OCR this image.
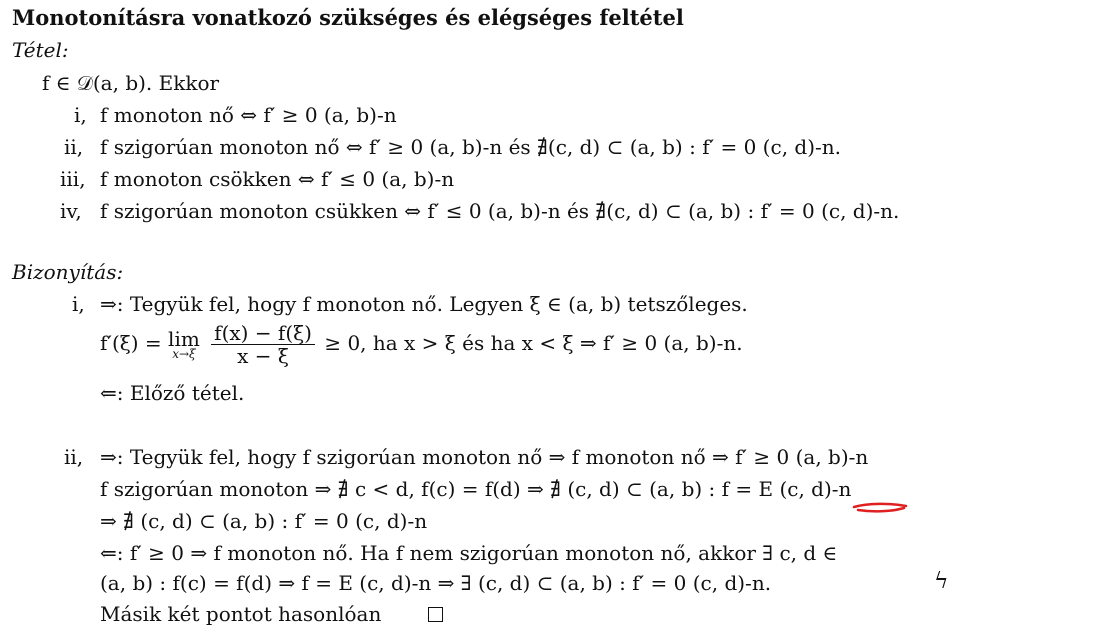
Monotonításra vonatkozó szükséges és elégséges feltétel
Tétel:
f ∈ 𝒟(a, b). Ekkor
i, f monoton nő ⇔ f′ ≥ 0 (a, b)-n
ii, f szigorúan monoton nő ⇔ f′ ≥ 0 (a, b)-n és ∄(c, d) ⊂ (a, b) : f′ = 0 (c, d)-n.
iii, f monoton csökken ⇔ f′ ≤ 0 (a, b)-n
iv, f szigorúan monoton csükken ⇔ f′ ≤ 0 (a, b)-n és ∄(c, d) ⊂ (a, b) : f′ = 0 (c, d)-n.
Bizonyítás:
i, ⇒: Tegyük fel, hogy f monoton nő. Legyen ξ ∈ (a, b) tetszőleges.
f′(ξ) = lim
x→ξ
$\frac{f(x) - f(\xi)}{x - \xi} \ge 0$, ha x > ξ és ha x < ξ ⇒ f′ ≥ 0 (a, b)-n.
⇐: Előző tétel.
ii, ⇒: Tegyük fel, hogy f szigorúan monoton nő ⇒ f monoton nő ⇒ f′ ≥ 0 (a, b)-n
f szigorúan monoton ⇒ ∄ c < d, f(c) = f(d) ⇒ ∄ (c, d) ⊂ (a, b) : f = E (c, d)-n
⇒ ∄ (c, d) ⊂ (a, b) : f′ = 0 (c, d)-n
⇐: f′ ≥ 0 ⇒ f monoton nő. Ha f nem szigorúan monoton nő, akkor ∃ c, d ∈
(a, b) : f(c) = f(d) ⇒ f = E (c, d)-n ⇒ ∃ (c, d) ⊂ (a, b) : f′ = 0 (c, d)-n.
Másik két pontot hasonlóan
ϟ
